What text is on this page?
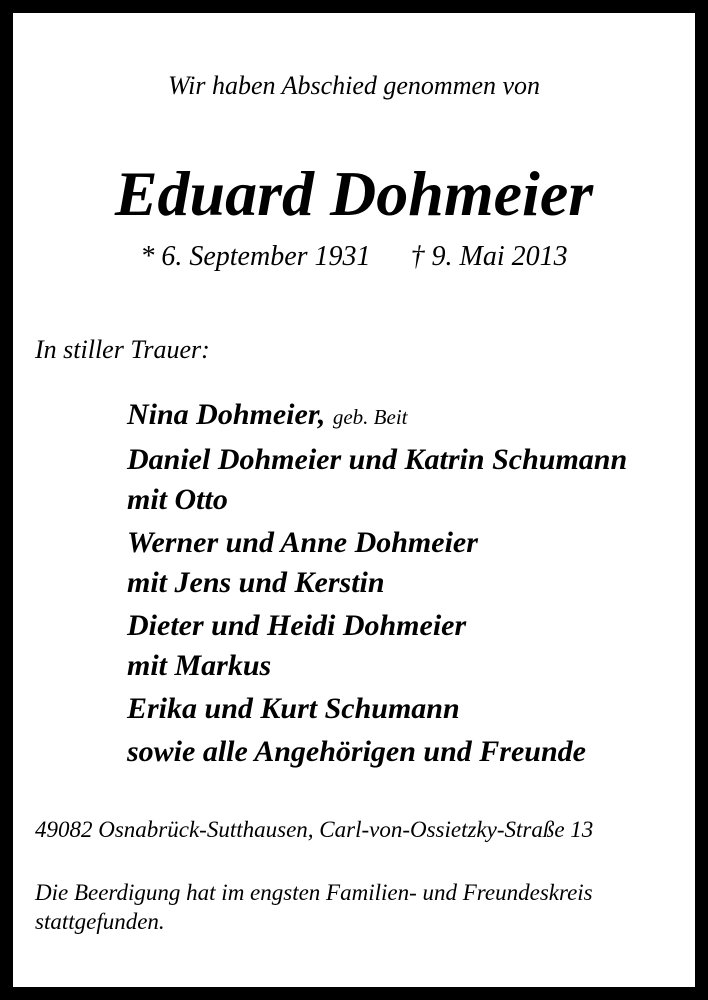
Wir haben Abschied genommen von
Eduard Dohmeier
* 6. September 1931 † 9. Mai 2013
In stiller Trauer:
Nina Dohmeier, geb. Beit
Daniel Dohmeier und Katrin Schumann
mit Otto
Werner und Anne Dohmeier
mit Jens und Kerstin
Dieter und Heidi Dohmeier
mit Markus
Erika und Kurt Schumann
sowie alle Angehörigen und Freunde
49082 Osnabrück-Sutthausen, Carl-von-Ossietzky-Straße 13
Die Beerdigung hat im engsten Familien- und Freundeskreis
stattgefunden.
